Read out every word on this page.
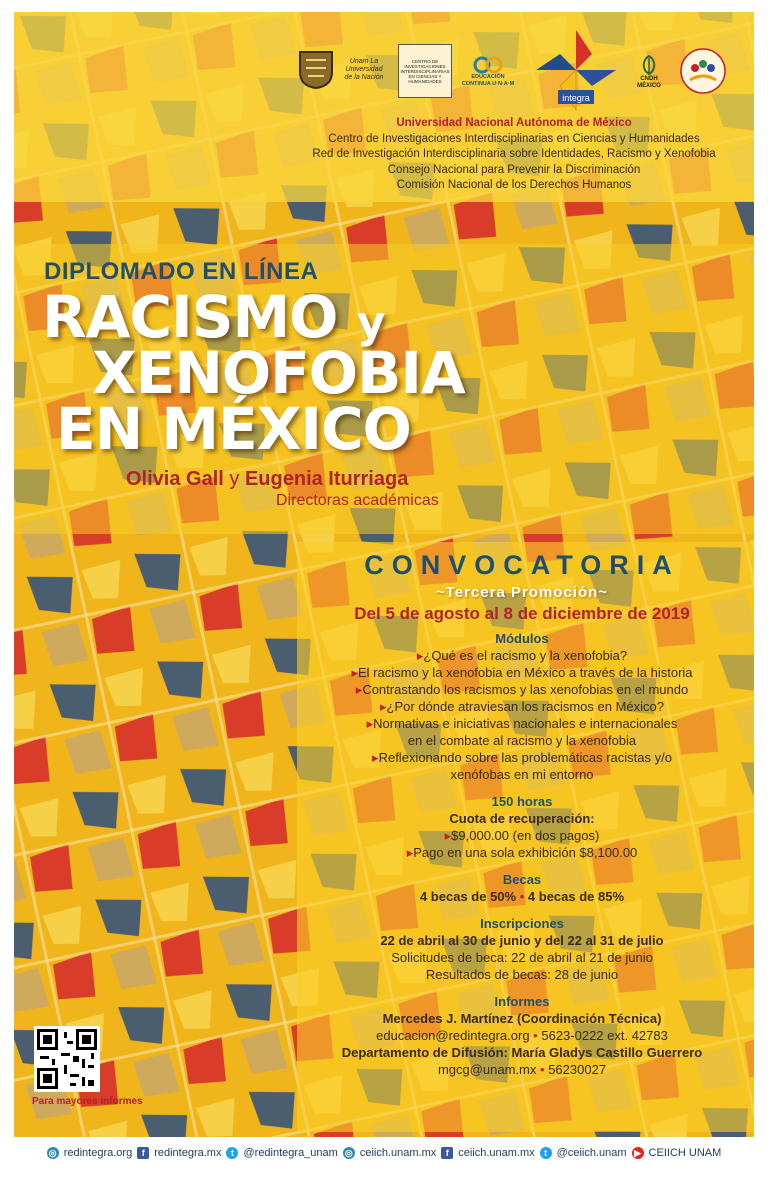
Unam La Universidad de la Nación
CENTRO DE INVESTIGACIONES INTERDISCIPLINARIAS EN CIENCIAS Y HUMANIDADES
EDUCACIÓN CONTINUA U·N·A·M
integra
CNDH MÉXICO
Universidad Nacional Autónoma de México
Centro de Investigaciones Interdisciplinarias en Ciencias y Humanidades
Red de Investigación Interdisciplinaria sobre Identidades, Racismo y Xenofobia
Consejo Nacional para Prevenir la Discriminación
Comisión Nacional de los Derechos Humanos
DIPLOMADO EN LÍNEA
RACISMO y
XENOFOBIA
EN MÉXICO
Olivia Gall y Eugenia Iturriaga
Directoras académicas
CONVOCATORIA
~Tercera Promoción~
Del 5 de agosto al 8 de diciembre de 2019
Módulos
▸¿Qué es el racismo y la xenofobia?
▸El racismo y la xenofobia en México a través de la historia
▸Contrastando los racismos y las xenofobias en el mundo
▸¿Por dónde atraviesan los racismos en México?
▸Normativas e iniciativas nacionales e internacionales
en el combate al racismo y la xenofobia
▸Reflexionando sobre las problemáticas racistas y/o
xenófobas en mi entorno
150 horas
Cuota de recuperación:
▸$9,000.00 (en dos pagos)
▸Pago en una sola exhibición $8,100.00
Becas
4 becas de 50% • 4 becas de 85%
Inscripciones
22 de abril al 30 de junio y del 22 al 31 de julio
Solicitudes de beca: 22 de abril al 21 de junio
Resultados de becas: 28 de junio
Informes
Mercedes J. Martínez (Coordinación Técnica)
educacion@redintegra.org • 5623-0222 ext. 42783
Departamento de Difusión: María Gladys Castillo Guerrero
mgcg@unam.mx • 56230027
Para mayores informes
◎ redintegra.org	f redintegra.mx	t @redintegra_unam ◎ ceiich.unam.mx	f ceiich.unam.mx	t @ceiich.unam ▶ CEIICH UNAM
